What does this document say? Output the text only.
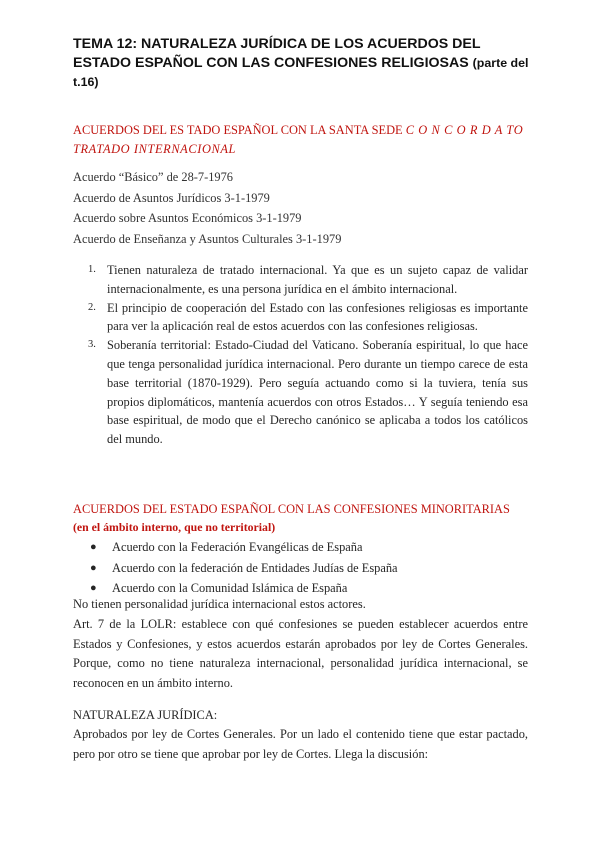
TEMA 12: NATURALEZA JURÍDICA DE LOS ACUERDOS DEL ESTADO ESPAÑOL CON LAS CONFESIONES RELIGIOSAS (parte del t.16)
ACUERDOS DEL ES TADO ESPAÑOL CON LA SANTA SEDE C O N C O R D A TO TRATADO INTERNACIONAL
Acuerdo “Básico” de 28-7-1976
Acuerdo de Asuntos Jurídicos 3-1-1979
Acuerdo sobre Asuntos Económicos 3-1-1979
Acuerdo de Enseñanza y Asuntos Culturales 3-1-1979
1. Tienen naturaleza de tratado internacional. Ya que es un sujeto capaz de validar internacionalmente, es una persona jurídica en el ámbito internacional.
2. El principio de cooperación del Estado con las confesiones religiosas es importante para ver la aplicación real de estos acuerdos con las confesiones religiosas.
3. Soberanía territorial: Estado-Ciudad del Vaticano. Soberanía espiritual, lo que hace que tenga personalidad jurídica internacional. Pero durante un tiempo carece de esta base territorial (1870-1929). Pero seguía actuando como si la tuviera, tenía sus propios diplomáticos, mantenía acuerdos con otros Estados… Y seguía teniendo esa base espiritual, de modo que el Derecho canónico se aplicaba a todos los católicos del mundo.
ACUERDOS DEL ESTADO ESPAÑOL CON LAS CONFESIONES MINORITARIAS
(en el ámbito interno, que no territorial)
● Acuerdo con la Federación Evangélicas de España
● Acuerdo con la federación de Entidades Judías de España
● Acuerdo con la Comunidad Islámica de España
No tienen personalidad jurídica internacional estos actores.
Art. 7 de la LOLR: establece con qué confesiones se pueden establecer acuerdos entre Estados y Confesiones, y estos acuerdos estarán aprobados por ley de Cortes Generales. Porque, como no tiene naturaleza internacional, personalidad jurídica internacional, se reconocen en un ámbito interno.
NATURALEZA JURÍDICA:
Aprobados por ley de Cortes Generales. Por un lado el contenido tiene que estar pactado, pero por otro se tiene que aprobar por ley de Cortes. Llega la discusión:
